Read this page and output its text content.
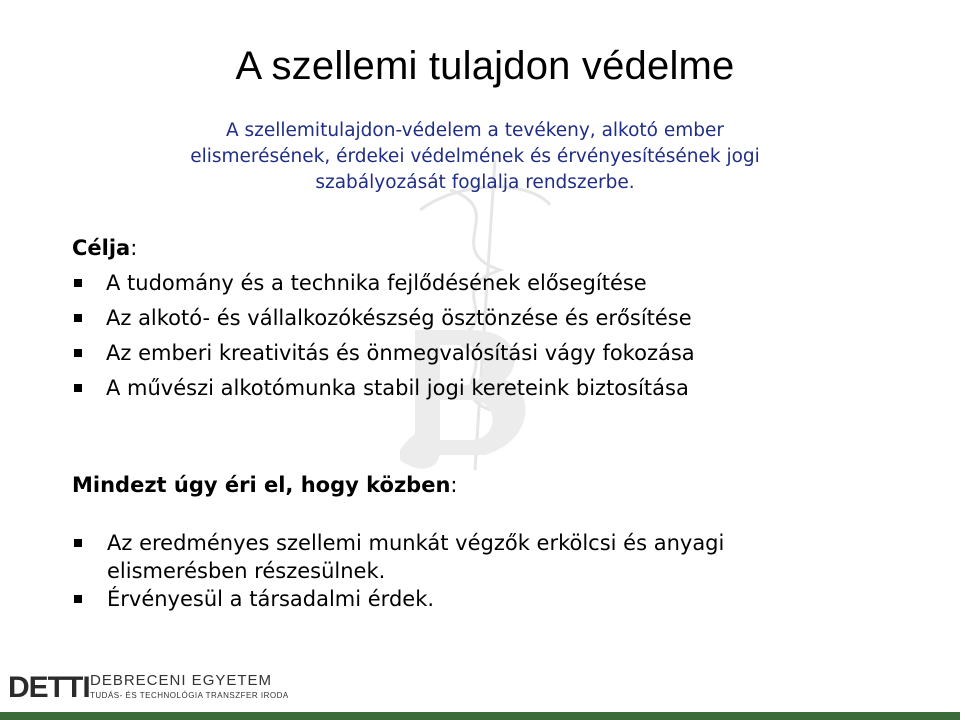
A szellemi tulajdon védelme
A szellemitulajdon-védelem a tevékeny, alkotó ember
elismerésének, érdekei védelmének és érvényesítésének jogi
szabályozását foglalja rendszerbe.
Célja:
A tudomány és a technika fejlődésének elősegítése
Az alkotó- és vállalkozókészség ösztönzése és erősítése
Az emberi kreativitás és önmegvalósítási vágy fokozása
A művészi alkotómunka stabil jogi kereteink biztosítása
Mindezt úgy éri el, hogy közben:
Az eredményes szellemi munkát végzők erkölcsi és anyagi
elismerésben részesülnek.
Érvényesül a társadalmi érdek.
DETTI DEBRECENI EGYETEM
TUDÁS- ÉS TECHNOLÓGIA TRANSZFER IRODA
